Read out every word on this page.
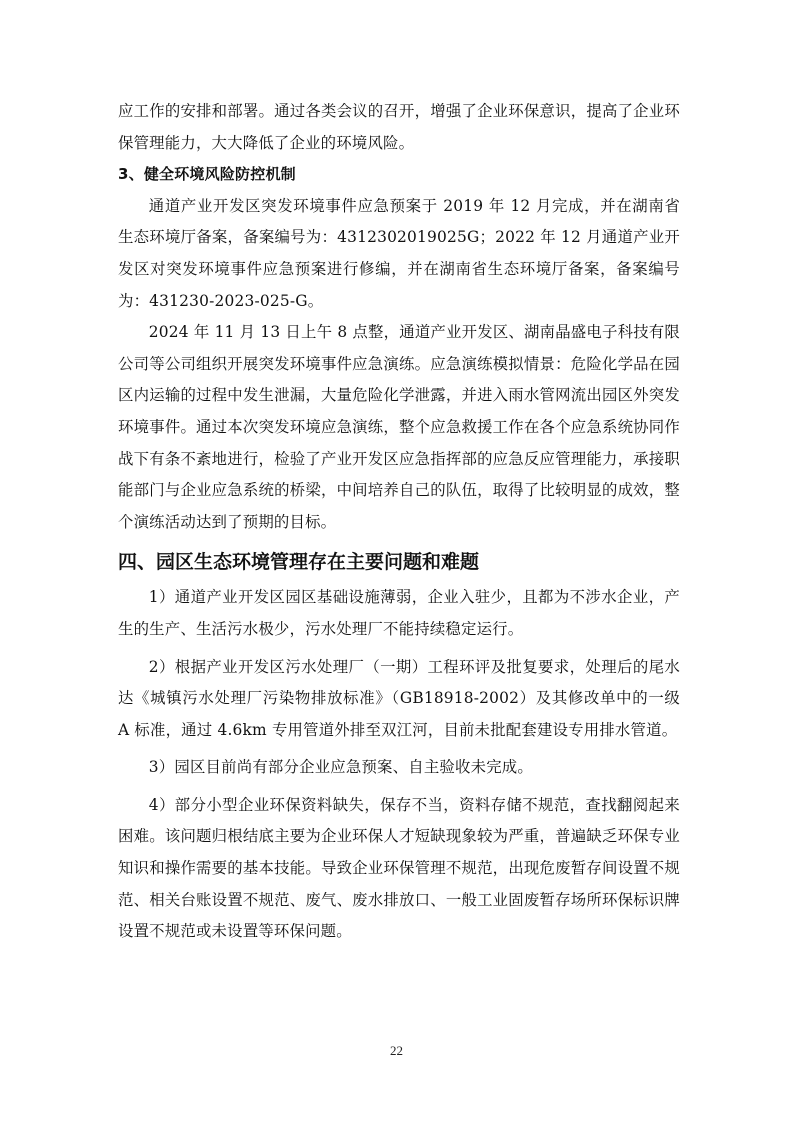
应工作的安排和部署。通过各类会议的召开，增强了企业环保意识，提高了企业环保管理能力，大大降低了企业的环境风险。

3、健全环境风险防控机制

通道产业开发区突发环境事件应急预案于 2019 年 12 月完成，并在湖南省生态环境厅备案，备案编号为：4312302019025G；2022 年 12 月通道产业开发区对突发环境事件应急预案进行修编，并在湖南省生态环境厅备案，备案编号为：431230-2023-025-G。

2024 年 11 月 13 日上午 8 点整，通道产业开发区、湖南晶盛电子科技有限公司等公司组织开展突发环境事件应急演练。应急演练模拟情景：危险化学品在园区内运输的过程中发生泄漏，大量危险化学泄露，并进入雨水管网流出园区外突发环境事件。通过本次突发环境应急演练，整个应急救援工作在各个应急系统协同作战下有条不紊地进行，检验了产业开发区应急指挥部的应急反应管理能力，承接职能部门与企业应急系统的桥梁，中间培养自己的队伍，取得了比较明显的成效，整个演练活动达到了预期的目标。

四、园区生态环境管理存在主要问题和难题

1）通道产业开发区园区基础设施薄弱，企业入驻少，且都为不涉水企业，产生的生产、生活污水极少，污水处理厂不能持续稳定运行。

2）根据产业开发区污水处理厂（一期）工程环评及批复要求，处理后的尾水达《城镇污水处理厂污染物排放标准》（GB18918-2002）及其修改单中的一级 A 标准，通过 4.6km 专用管道外排至双江河，目前未批配套建设专用排水管道。

3）园区目前尚有部分企业应急预案、自主验收未完成。

4）部分小型企业环保资料缺失，保存不当，资料存储不规范，查找翻阅起来困难。该问题归根结底主要为企业环保人才短缺现象较为严重，普遍缺乏环保专业知识和操作需要的基本技能。导致企业环保管理不规范，出现危废暂存间设置不规范、相关台账设置不规范、废气、废水排放口、一般工业固废暂存场所环保标识牌设置不规范或未设置等环保问题。

22
